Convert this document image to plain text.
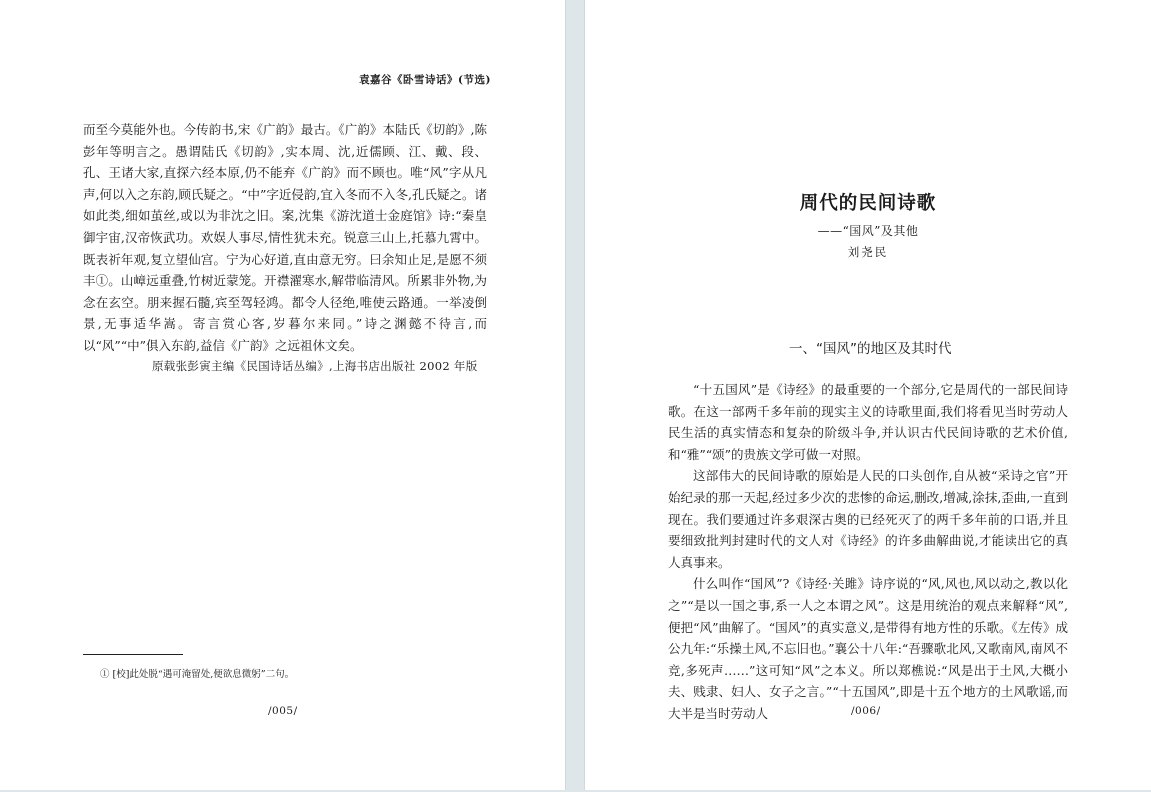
袁嘉谷《卧雪诗话》(节选)

而至今莫能外也。今传韵书,宋《广韵》最古。《广韵》本陆氏《切韵》,陈彭年等明言之。愚谓陆氏《切韵》,实本周、沈,近儒顾、江、戴、段、孔、王诸大家,直探六经本原,仍不能弃《广韵》而不顾也。唯“风”字从凡声,何以入之东韵,顾氏疑之。“中”字近侵韵,宜入冬而不入冬,孔氏疑之。诸如此类,细如茧丝,或以为非沈之旧。案,沈集《游沈道士金庭馆》诗:“秦皇御宇宙,汉帝恢武功。欢娱人事尽,情性犹未充。锐意三山上,托慕九霄中。既表祈年观,复立望仙宫。宁为心好道,直由意无穷。曰余知止足,是愿不须丰①。山嶂远重叠,竹树近蒙笼。开襟濯寒水,解带临清风。所累非外物,为念在玄空。朋来握石髓,宾至驾轻鸿。都令人径绝,唯使云路通。一举凌倒景,无事适华嵩。寄言赏心客,岁暮尔来同。”诗之渊懿不待言,而以“风”“中”俱入东韵,益信《广韵》之远祖休文矣。

原载张彭寅主编《民国诗话丛编》,上海书店出版社 2002 年版
① [校]此处脱“遇可淹留处,便欲息微躬”二句。
/005/
周代的民间诗歌
——“国风”及其他
刘尧民
一、“国风”的地区及其时代

“十五国风”是《诗经》的最重要的一个部分,它是周代的一部民间诗歌。在这一部两千多年前的现实主义的诗歌里面,我们将看见当时劳动人民生活的真实情态和复杂的阶级斗争,并认识古代民间诗歌的艺术价值,和“雅”“颂”的贵族文学可做一对照。

这部伟大的民间诗歌的原始是人民的口头创作,自从被“采诗之官”开始纪录的那一天起,经过多少次的悲惨的命运,删改,增减,涂抹,歪曲,一直到现在。我们要通过许多艰深古奥的已经死灭了的两千多年前的口语,并且要细致批判封建时代的文人对《诗经》的许多曲解曲说,才能读出它的真人真事来。

什么叫作“国风”?《诗经·关雎》诗序说的“风,风也,风以动之,教以化之”“是以一国之事,系一人之本谓之风”。这是用统治的观点来解释“风”,便把“风”曲解了。“国风”的真实意义,是带得有地方性的乐歌。《左传》成公九年:“乐操土风,不忘旧也。”襄公十八年:“吾骤歌北风,又歌南风,南风不竞,多死声……”这可知“风”之本义。所以郑樵说:“风是出于土风,大概小夫、贱隶、妇人、女子之言。”“十五国风”,即是十五个地方的土风歌谣,而大半是当时劳动人	/006/
